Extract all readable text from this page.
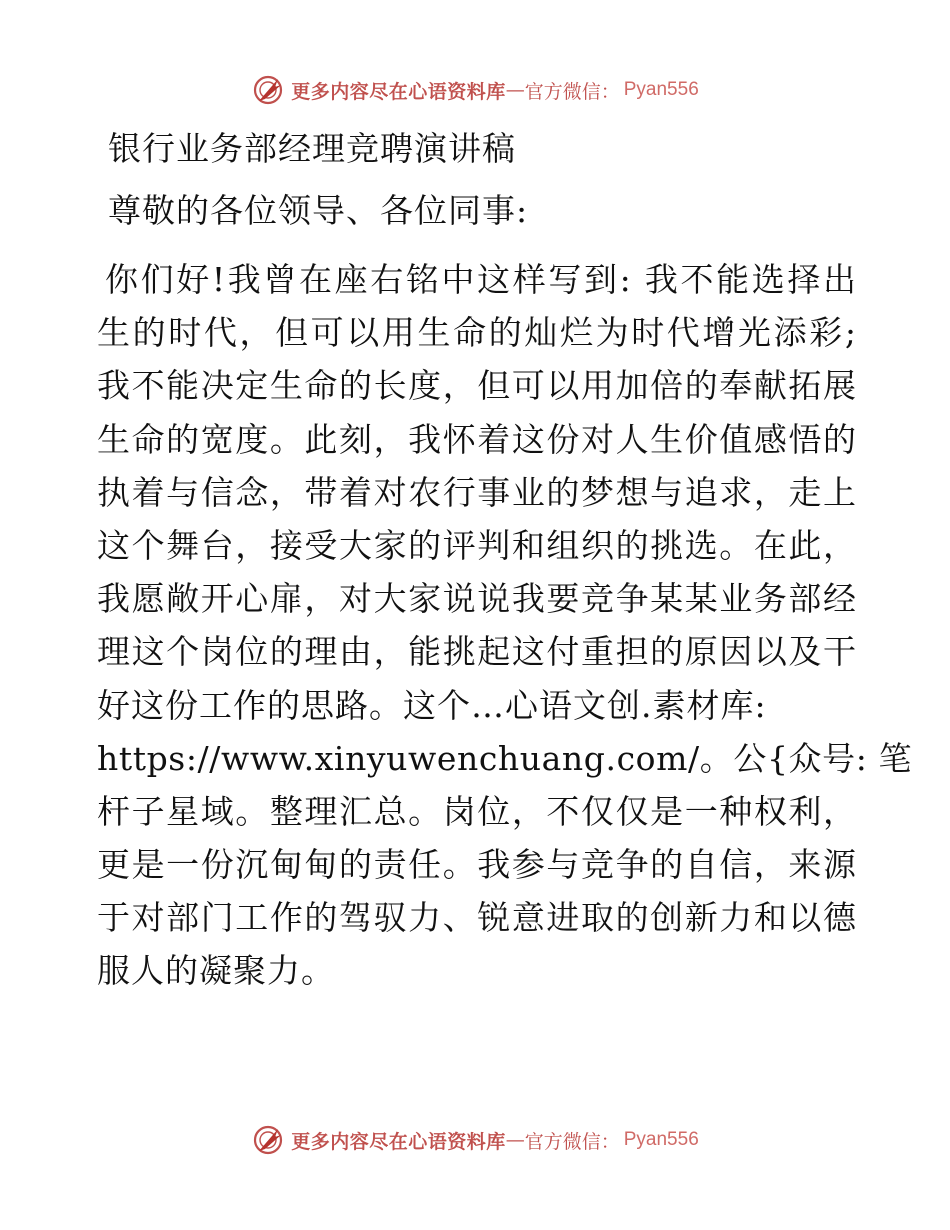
更多内容尽在心语资料库 — 官方微信： Pyan556
银行业务部经理竞聘演讲稿
尊敬的各位领导、各位同事:
你们好!我曾在座右铭中这样写到: 我不能选择出
生的时代，但可以用生命的灿烂为时代增光添彩;
我不能决定生命的长度，但可以用加倍的奉献拓展
生命的宽度。此刻，我怀着这份对人生价值感悟的
执着与信念，带着对农行事业的梦想与追求，走上
这个舞台，接受大家的评判和组织的挑选。在此，
我愿敞开心扉，对大家说说我要竞争某某业务部经
理这个岗位的理由，能挑起这付重担的原因以及干
好这份工作的思路。这个…心语文创.素材库:
https://www.xinyuwenchuang.com/。公{众号: 笔
杆子星域。整理汇总。岗位，不仅仅是一种权利，
更是一份沉甸甸的责任。我参与竞争的自信，来源
于对部门工作的驾驭力、锐意进取的创新力和以德
服人的凝聚力。
更多内容尽在心语资料库 — 官方微信： Pyan556
